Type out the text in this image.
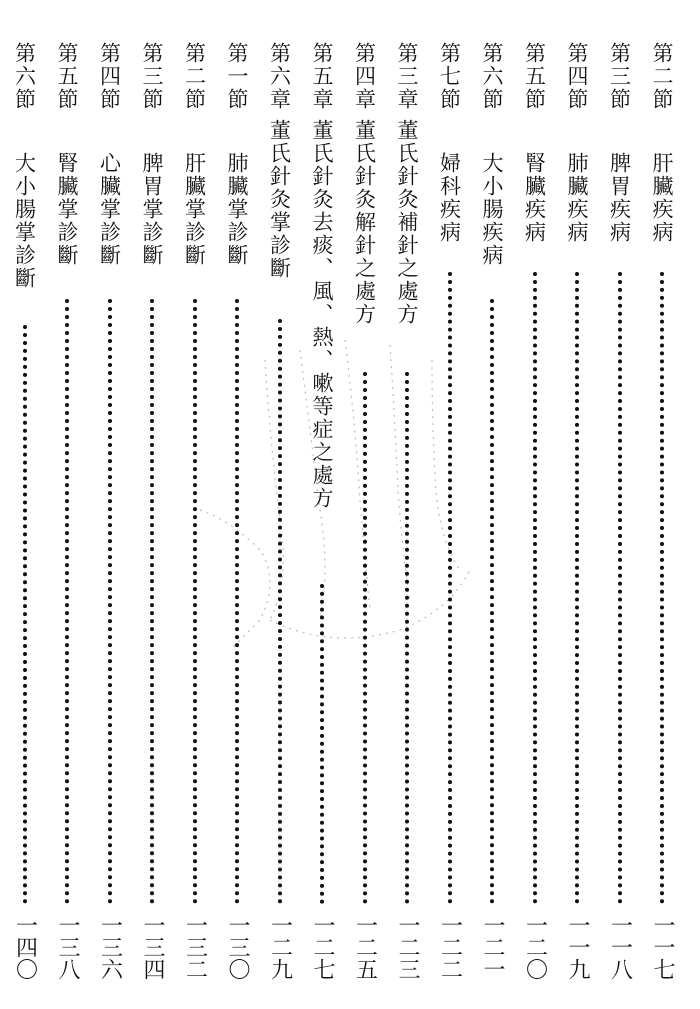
第二節
肝臟疾病
一一七
第三節
脾胃疾病
一一八
第四節
肺臟疾病
一一九
第五節
腎臟疾病
一二〇
第六節
大小腸疾病
一二一
第七節
婦科疾病
一二二
第三章
董氏針灸補針之處方
一二三
第四章
董氏針灸解針之處方
一二五
第五章
董氏針灸去痰、風、熱、嗽等症之處方
一二七
第六章
董氏針灸掌診斷
一二九
第一節
肺臟掌診斷
一三〇
第二節
肝臟掌診斷
一三二
第三節
脾胃掌診斷
一三四
第四節
心臟掌診斷
一三六
第五節
腎臟掌診斷
一三八
第六節
大小腸掌診斷
一四〇
